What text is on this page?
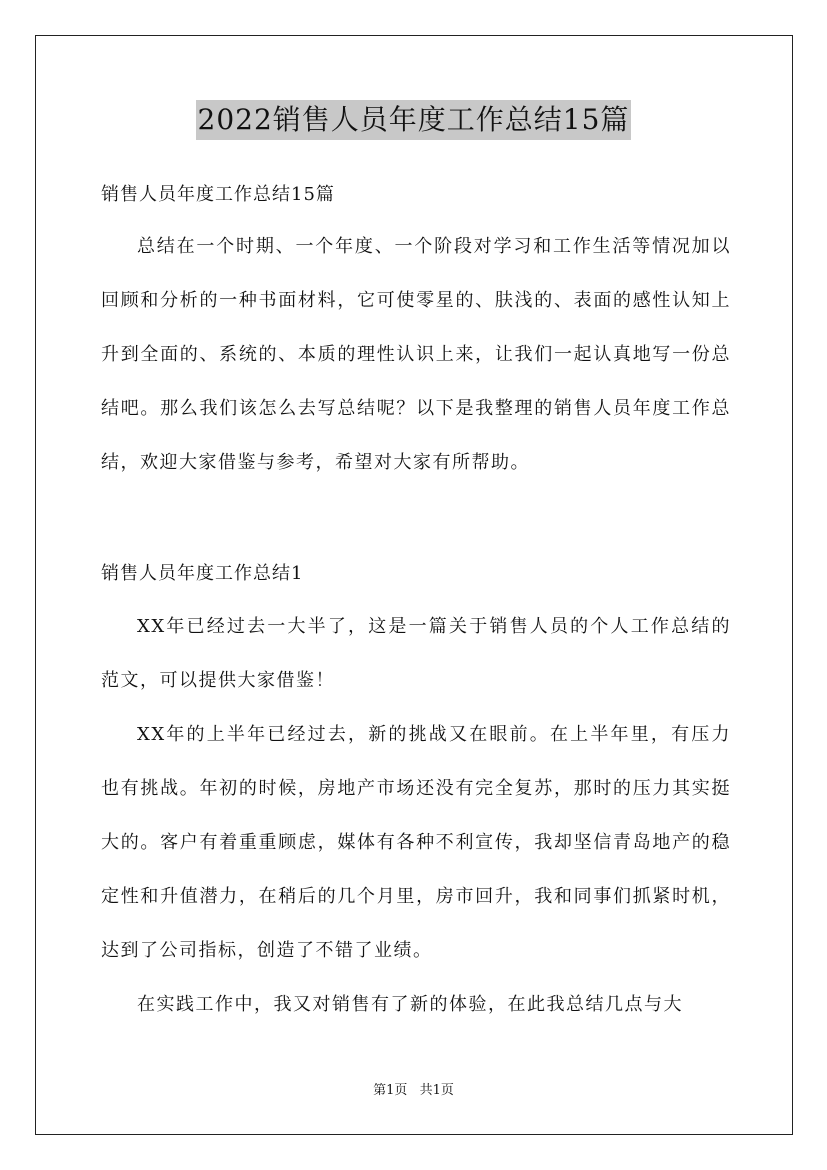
2022销售人员年度工作总结15篇
销售人员年度工作总结15篇

总结在一个时期、一个年度、一个阶段对学习和工作生活等情况加以回顾和分析的一种书面材料，它可使零星的、肤浅的、表面的感性认知上升到全面的、系统的、本质的理性认识上来，让我们一起认真地写一份总结吧。那么我们该怎么去写总结呢？以下是我整理的销售人员年度工作总结，欢迎大家借鉴与参考，希望对大家有所帮助。

销售人员年度工作总结1

XX年已经过去一大半了，这是一篇关于销售人员的个人工作总结的范文，可以提供大家借鉴！

XX年的上半年已经过去，新的挑战又在眼前。在上半年里，有压力也有挑战。年初的时候，房地产市场还没有完全复苏，那时的压力其实挺大的。客户有着重重顾虑，媒体有各种不利宣传，我却坚信青岛地产的稳定性和升值潜力，在稍后的几个月里，房市回升，我和同事们抓紧时机，达到了公司指标，创造了不错了业绩。

在实践工作中，我又对销售有了新的体验，在此我总结几点与大

第1页 共1页
